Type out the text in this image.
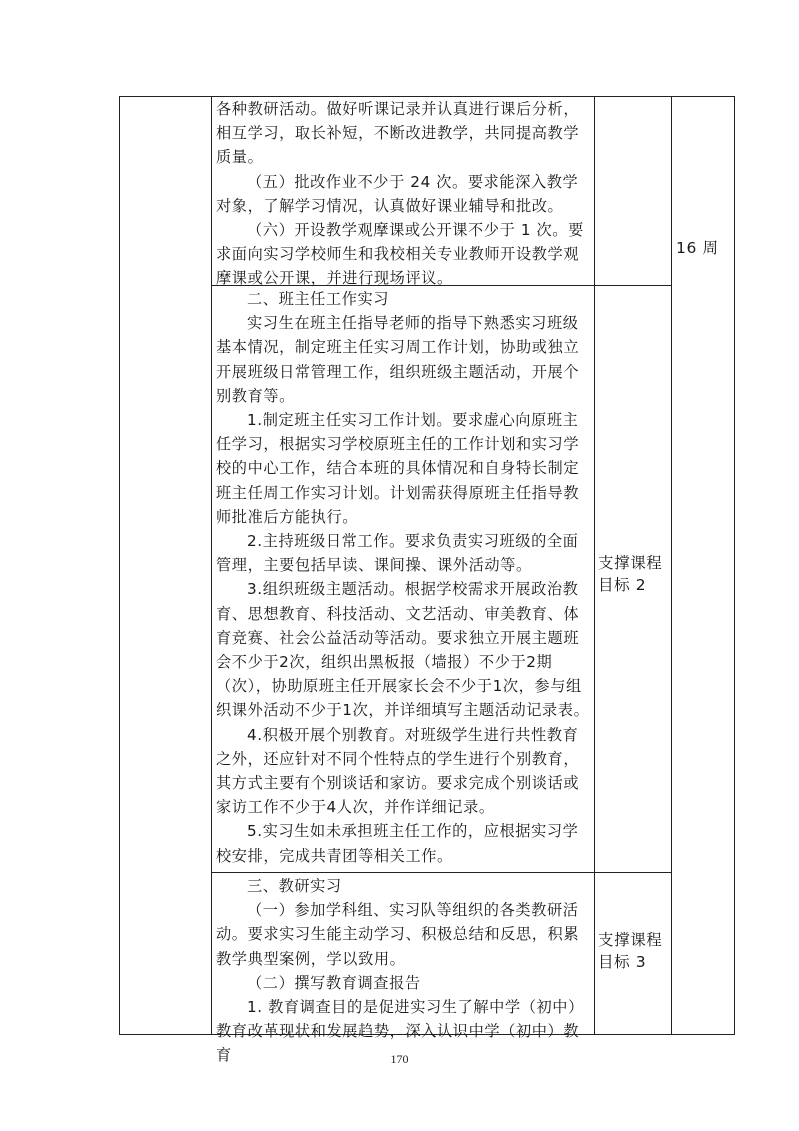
各种教研活动。做好听课记录并认真进行课后分析，相互学习，取长补短，不断改进教学，共同提高教学质量。

（五）批改作业不少于 24 次。要求能深入教学对象，了解学习情况，认真做好课业辅导和批改。

（六）开设教学观摩课或公开课不少于 1 次。要求面向实习学校师生和我校相关专业教师开设教学观摩课或公开课，并进行现场评议。

16 周

二、班主任工作实习

实习生在班主任指导老师的指导下熟悉实习班级基本情况，制定班主任实习周工作计划，协助或独立开展班级日常管理工作，组织班级主题活动，开展个别教育等。

1.制定班主任实习工作计划。要求虚心向原班主任学习，根据实习学校原班主任的工作计划和实习学校的中心工作，结合本班的具体情况和自身特长制定班主任周工作实习计划。计划需获得原班主任指导教师批准后方能执行。

2.主持班级日常工作。要求负责实习班级的全面管理，主要包括早读、课间操、课外活动等。

3.组织班级主题活动。根据学校需求开展政治教育、思想教育、科技活动、文艺活动、审美教育、体育竞赛、社会公益活动等活动。要求独立开展主题班会不少于2次，组织出黑板报（墙报）不少于2期（次），协助原班主任开展家长会不少于1次，参与组织课外活动不少于1次，并详细填写主题活动记录表。

4.积极开展个别教育。对班级学生进行共性教育之外，还应针对不同个性特点的学生进行个别教育，其方式主要有个别谈话和家访。要求完成个别谈话或家访工作不少于4人次，并作详细记录。

5.实习生如未承担班主任工作的，应根据实习学校安排，完成共青团等相关工作。

支撑课程目标 2

三、教研实习

（一）参加学科组、实习队等组织的各类教研活动。要求实习生能主动学习、积极总结和反思，积累教学典型案例，学以致用。

（二）撰写教育调查报告

1. 教育调查目的是促进实习生了解中学（初中）教育改革现状和发展趋势，深入认识中学（初中）教育

支撑课程目标 3
170
